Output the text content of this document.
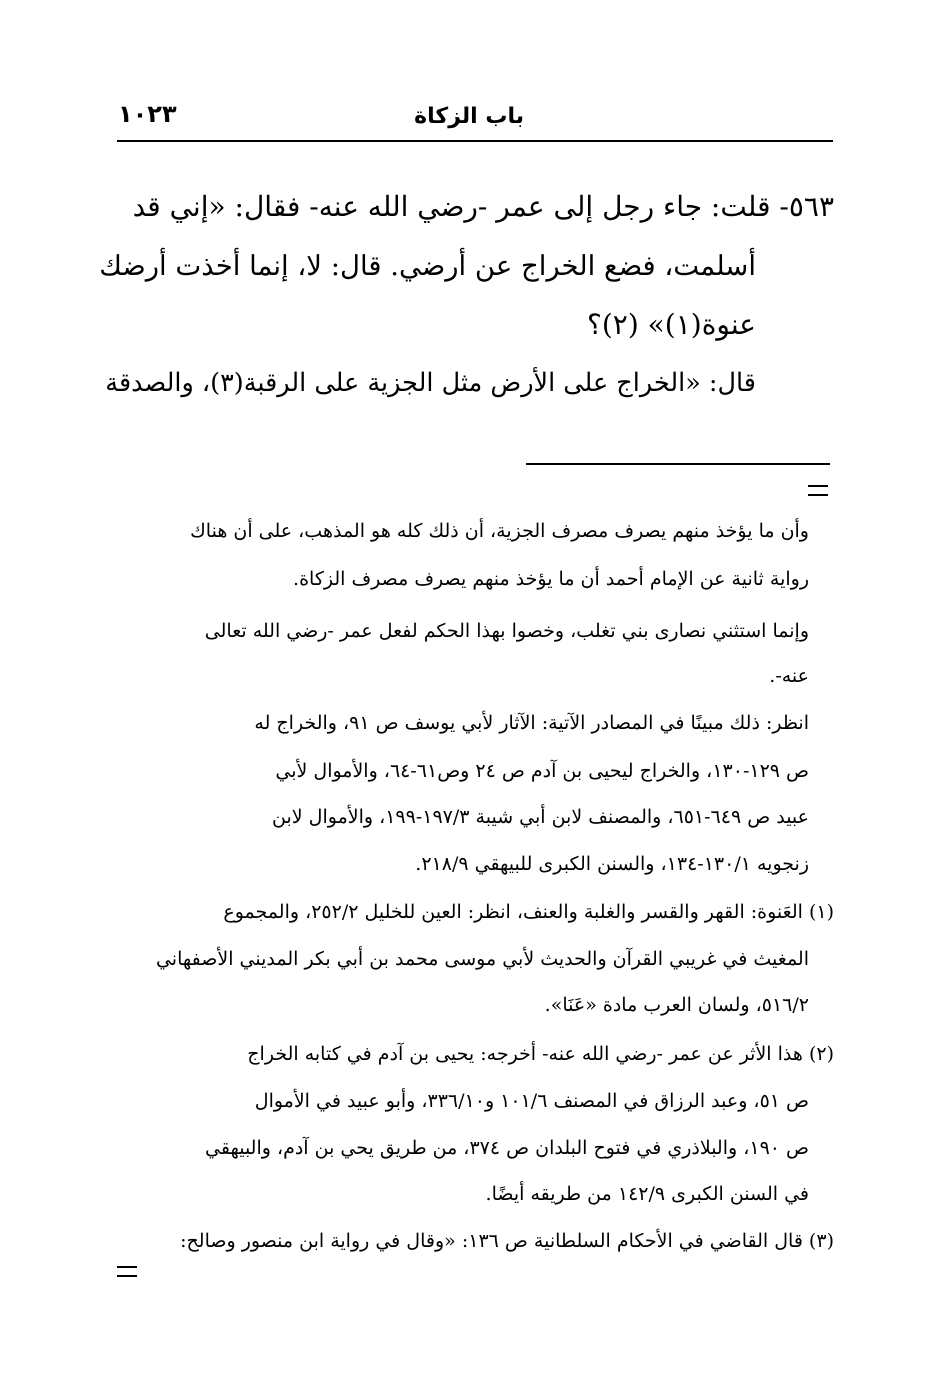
باب الزكاة
١٠٢٣
٥٦٣- قلت: جاء رجل إلى عمر -رضي الله عنه- فقال: «إني قد
أسلمت، فضع الخراج عن أرضي. قال: لا، إنما أخذت أرضك
عنوة(١)» (٢)؟
قال: «الخراج على الأرض مثل الجزية على الرقبة(٣)، والصدقة
وأن ما يؤخذ منهم يصرف مصرف الجزية، أن ذلك كله هو المذهب، على أن هناك
رواية ثانية عن الإمام أحمد أن ما يؤخذ منهم يصرف مصرف الزكاة.
وإنما استثني نصارى بني تغلب، وخصوا بهذا الحكم لفعل عمر -رضي الله تعالى
عنه-.
انظر: ذلك مبينًا في المصادر الآتية: الآثار لأبي يوسف ص ٩١، والخراج له
ص ١٢٩-١٣٠، والخراج ليحيى بن آدم ص ٢٤ وص٦١-٦٤، والأموال لأبي
عبيد ص ٦٤٩-٦٥١، والمصنف لابن أبي شيبة ١٩٧/٣-١٩٩، والأموال لابن
زنجويه ١٣٠/١-١٣٤، والسنن الكبرى للبيهقي ٢١٨/٩.
(١) العَنوة: القهر والقسر والغلبة والعنف، انظر: العين للخليل ٢٥٢/٢، والمجموع
المغيث في غريبي القرآن والحديث لأبي موسى محمد بن أبي بكر المديني الأصفهاني
٥١٦/٢، ولسان العرب مادة «عَنَا».
(٢) هذا الأثر عن عمر -رضي الله عنه- أخرجه: يحيى بن آدم في كتابه الخراج
ص ٥١، وعبد الرزاق في المصنف ١٠١/٦ و٣٣٦/١٠، وأبو عبيد في الأموال
ص ١٩٠، والبلاذري في فتوح البلدان ص ٣٧٤، من طريق يحي بن آدم، والبيهقي
في السنن الكبرى ١٤٢/٩ من طريقه أيضًا.
(٣) قال القاضي في الأحكام السلطانية ص ١٣٦: «وقال في رواية ابن منصور وصالح:
